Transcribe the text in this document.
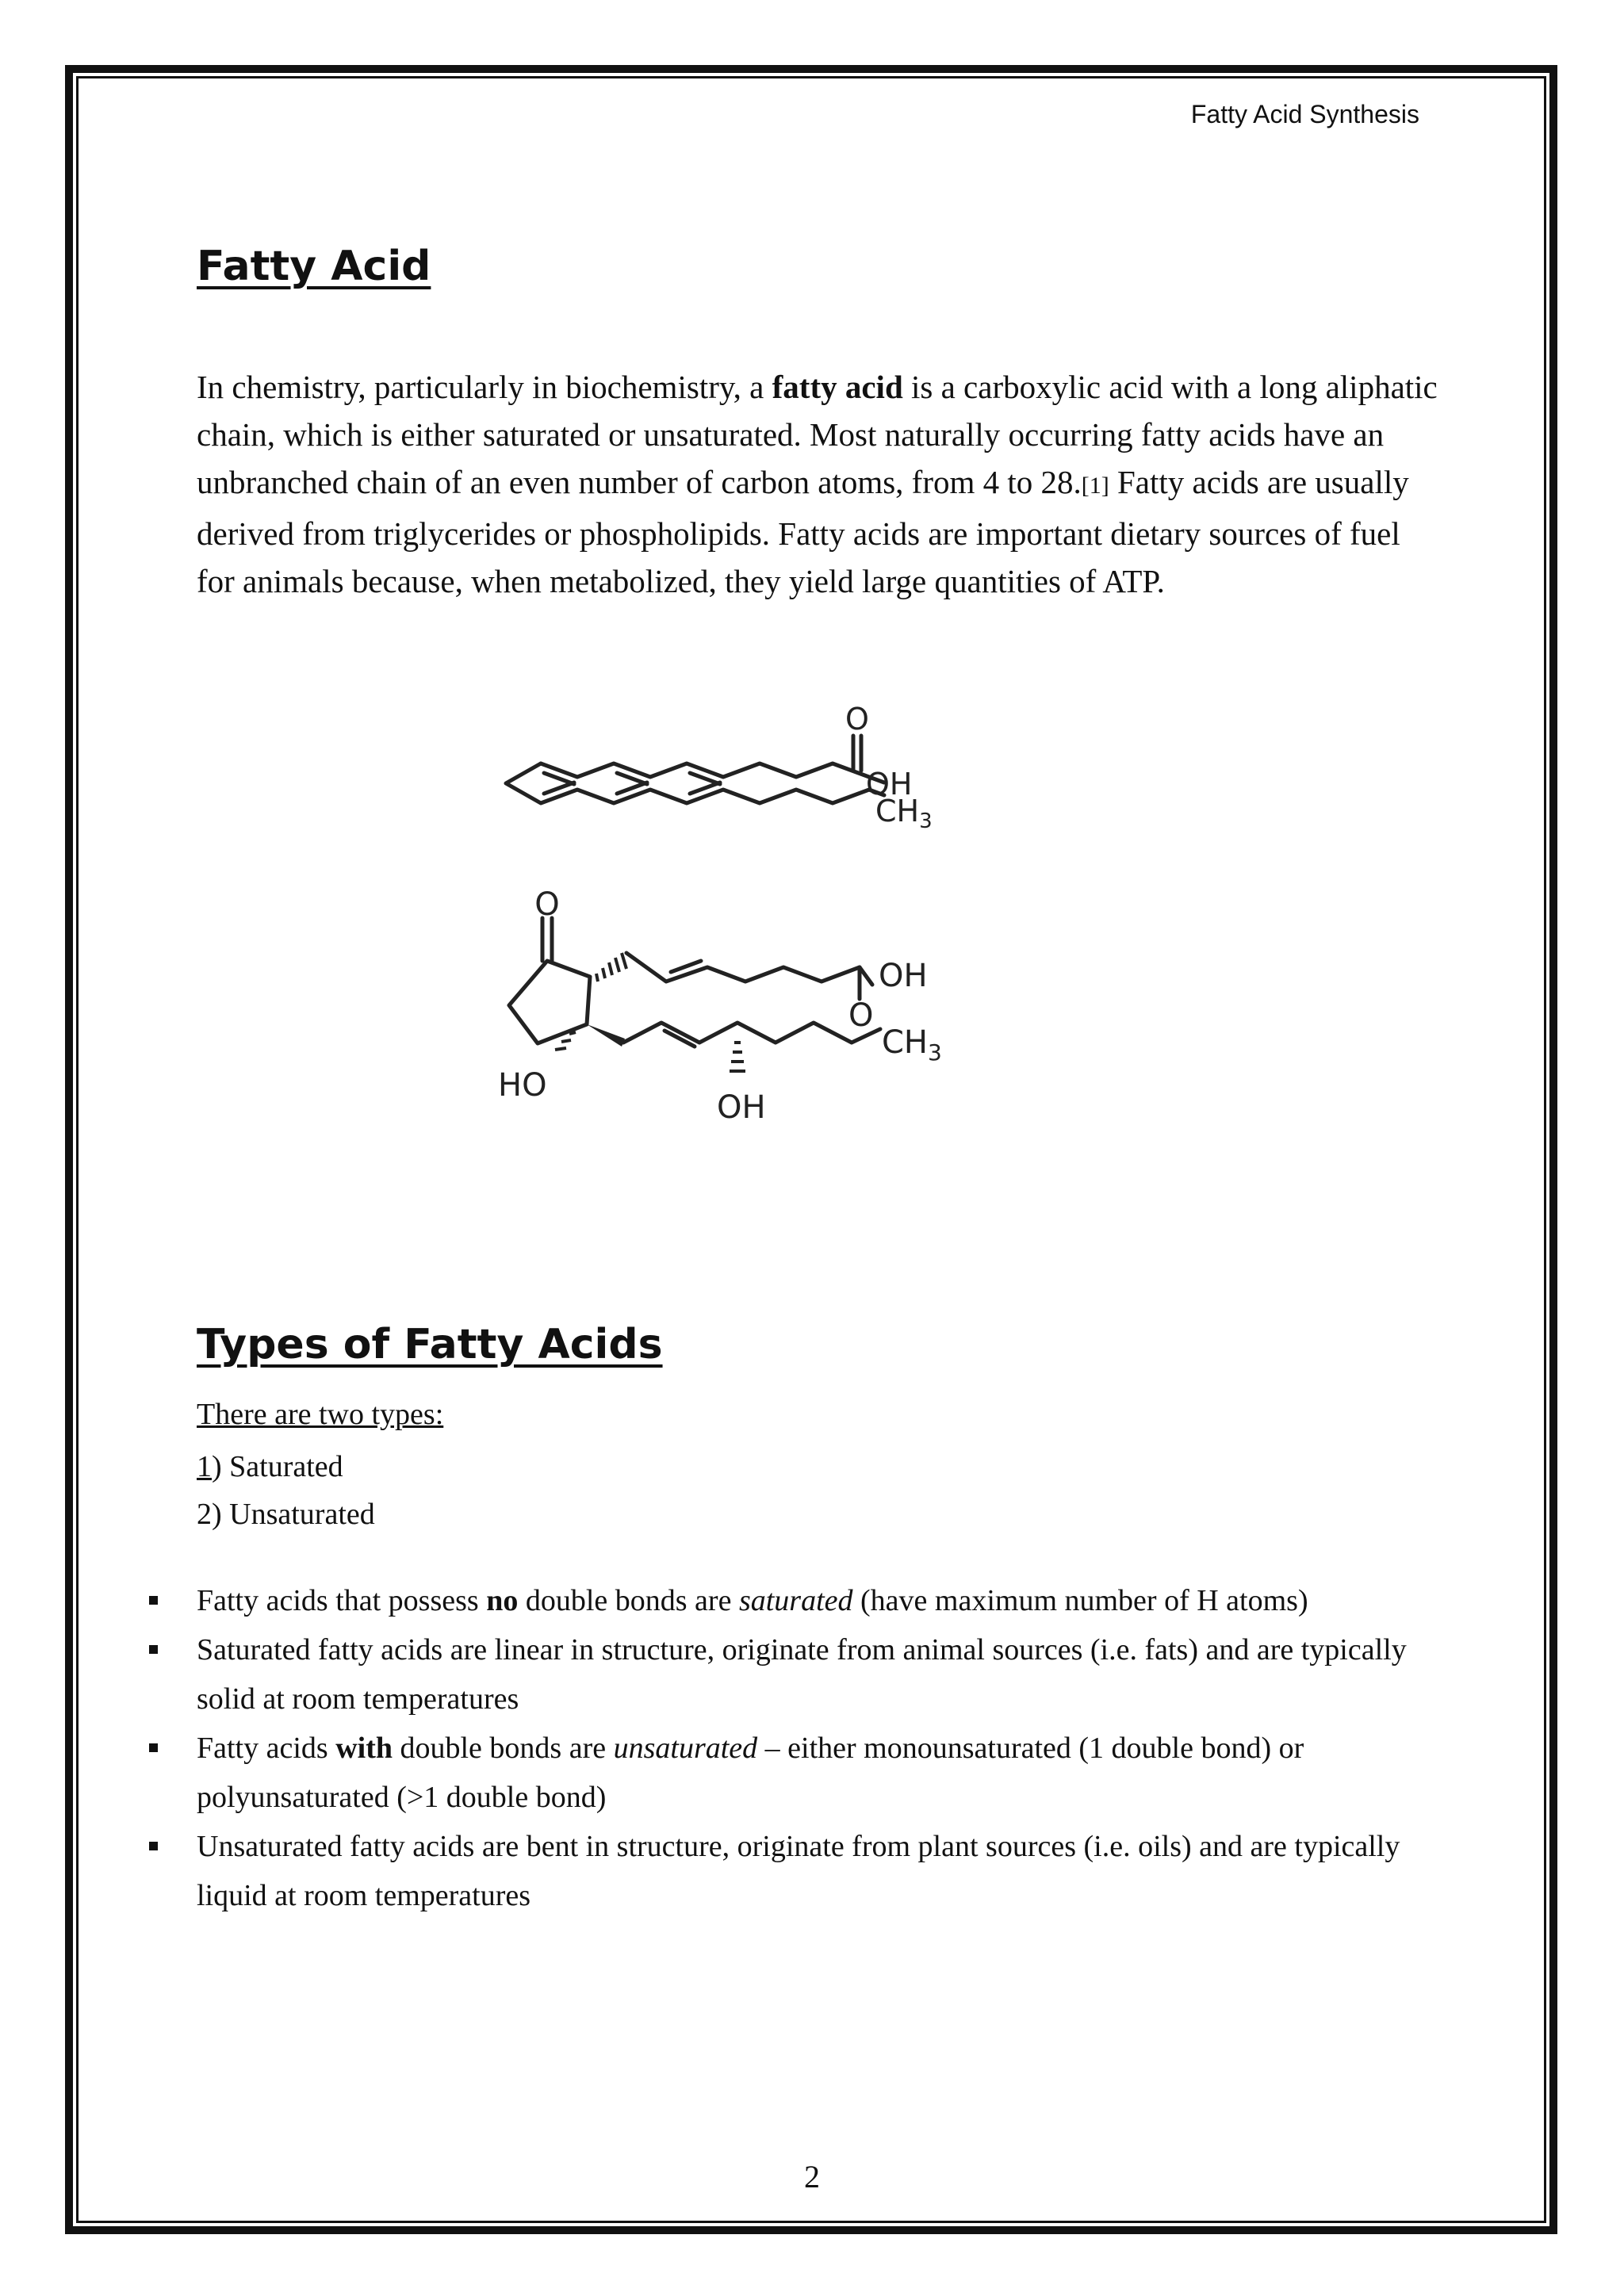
Fatty Acid Synthesis
Fatty Acid

In chemistry, particularly in biochemistry, a fatty acid is a carboxylic acid with a long aliphatic chain, which is either saturated or unsaturated. Most naturally occurring fatty acids have an unbranched chain of an even number of carbon atoms, from 4 to 28.[1] Fatty acids are usually derived from triglycerides or phospholipids. Fatty acids are important dietary sources of fuel for animals because, when metabolized, they yield large quantities of ATP.

O
OH
$CH_3$
O
OH
O
$CH_3$
HO
OH
Types of Fatty Acids
There are two types:
1) Saturated
2) Unsaturated
Fatty acids that possess no double bonds are saturated (have maximum number of H atoms)
Saturated fatty acids are linear in structure, originate from animal sources (i.e. fats) and are typically solid at room temperatures
Fatty acids with double bonds are unsaturated – either monounsaturated (1 double bond) or polyunsaturated (>1 double bond)
Unsaturated fatty acids are bent in structure, originate from plant sources (i.e. oils) and are typically liquid at room temperatures
2
